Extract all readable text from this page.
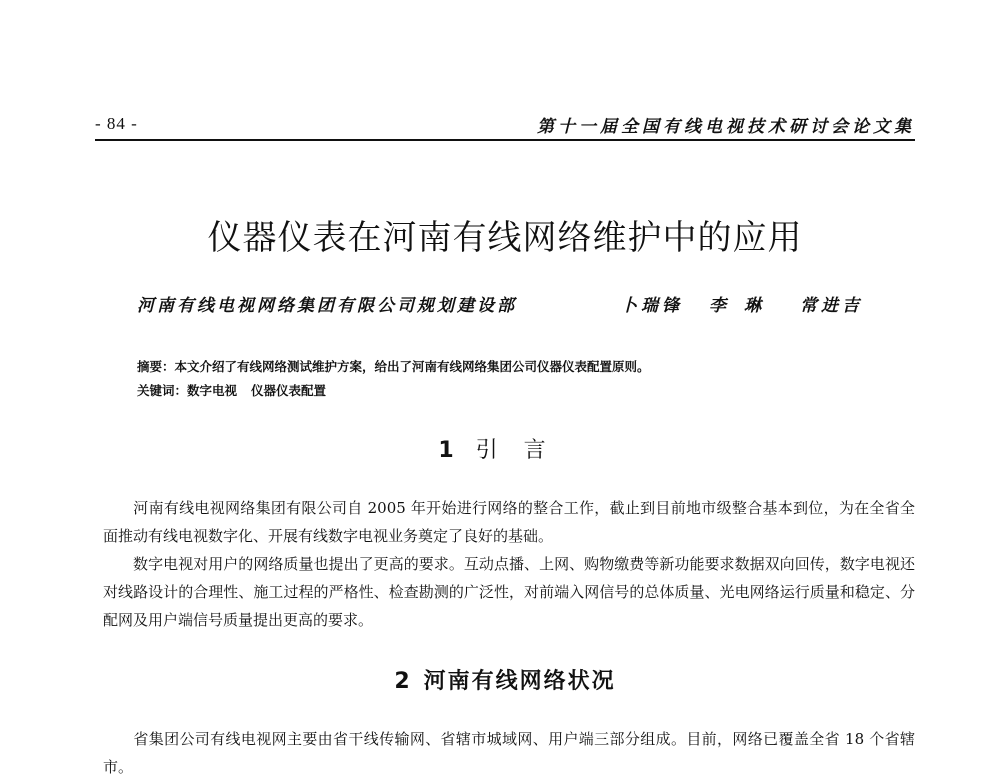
- 84 -	第十一届全国有线电视技术研讨会论文集
仪器仪表在河南有线网络维护中的应用
河南有线电视网络集团有限公司规划建设部	卜瑞锋 李琳 常进吉
摘要：本文介绍了有线网络测试维护方案，给出了河南有线网络集团公司仪器仪表配置原则。
关键词：数字电视 仪器仪表配置
1 引言
河南有线电视网络集团有限公司自 2005 年开始进行网络的整合工作，截止到目前地市级整合基本到位，为在全省全面推动有线电视数字化、开展有线数字电视业务奠定了良好的基础。
数字电视对用户的网络质量也提出了更高的要求。互动点播、上网、购物缴费等新功能要求数据双向回传，数字电视还对线路设计的合理性、施工过程的严格性、检查勘测的广泛性，对前端入网信号的总体质量、光电网络运行质量和稳定、分配网及用户端信号质量提出更高的要求。
2 河南有线网络状况
省集团公司有线电视网主要由省干线传输网、省辖市城域网、用户端三部分组成。目前，网络已覆盖全省 18 个省辖市。
